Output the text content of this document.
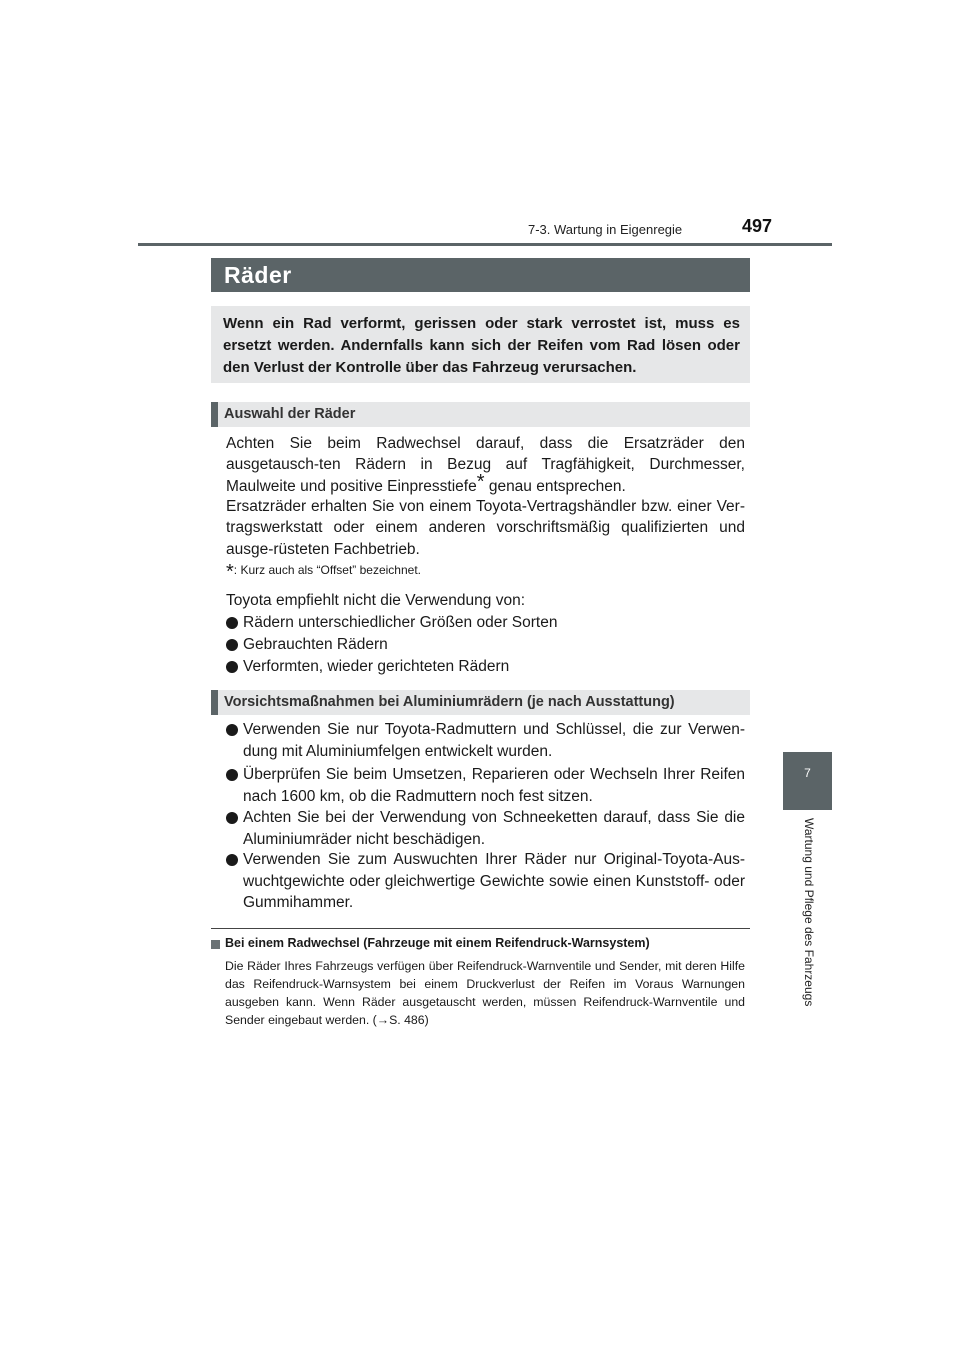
7-3. Wartung in Eigenregie	497
7
Wartung und Pflege des Fahrzeugs
Räder
Wenn ein Rad verformt, gerissen oder stark verrostet ist, muss es ersetzt werden. Andernfalls kann sich der Reifen vom Rad lösen oder den Verlust der Kontrolle über das Fahrzeug verursachen.
Auswahl der Räder
Achten Sie beim Radwechsel darauf, dass die Ersatzräder den ausgetausch-ten Rädern in Bezug auf Tragfähigkeit, Durchmesser, Maulweite und positive Einpresstiefe* genau entsprechen.
Ersatzräder erhalten Sie von einem Toyota-Vertragshändler bzw. einer Ver-tragswerkstatt oder einem anderen vorschriftsmäßig qualifizierten und ausge-rüsteten Fachbetrieb.
*: Kurz auch als “Offset” bezeichnet.
Toyota empfiehlt nicht die Verwendung von:
Rädern unterschiedlicher Größen oder Sorten
Gebrauchten Rädern
Verformten, wieder gerichteten Rädern
Vorsichtsmaßnahmen bei Aluminiumrädern (je nach Ausstattung)
Verwenden Sie nur Toyota-Radmuttern und Schlüssel, die zur Verwen-dung mit Aluminiumfelgen entwickelt wurden.
Überprüfen Sie beim Umsetzen, Reparieren oder Wechseln Ihrer Reifen nach 1600 km, ob die Radmuttern noch fest sitzen.
Achten Sie bei der Verwendung von Schneeketten darauf, dass Sie die Aluminiumräder nicht beschädigen.
Verwenden Sie zum Auswuchten Ihrer Räder nur Original-Toyota-Aus-wuchtgewichte oder gleichwertige Gewichte sowie einen Kunststoff- oder Gummihammer.
Bei einem Radwechsel (Fahrzeuge mit einem Reifendruck-Warnsystem)
Die Räder Ihres Fahrzeugs verfügen über Reifendruck-Warnventile und Sender, mit deren Hilfe das Reifendruck-Warnsystem bei einem Druckverlust der Reifen im Voraus Warnungen ausgeben kann. Wenn Räder ausgetauscht werden, müssen Reifendruck-Warnventile und Sender eingebaut werden. (→S. 486)
